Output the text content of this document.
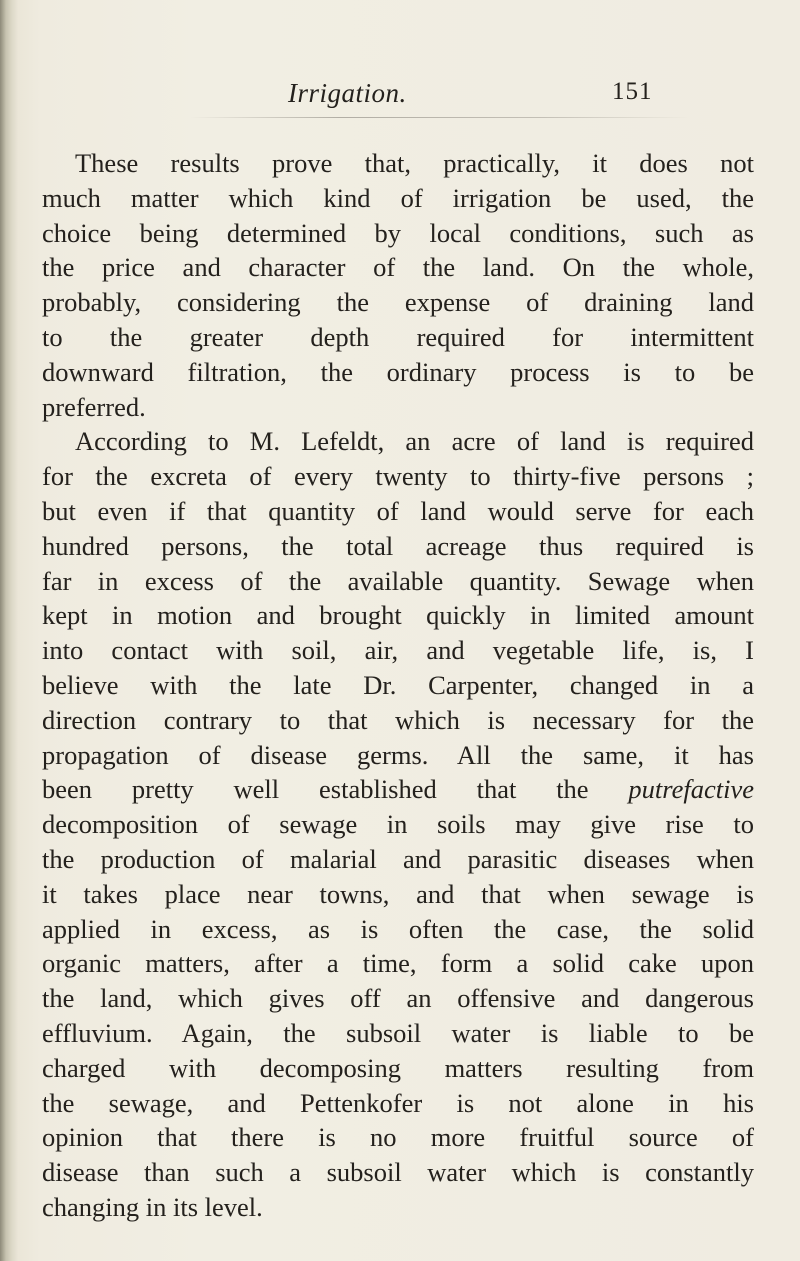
Irrigation.	151
These results prove that, practically, it does not
much matter which kind of irrigation be used, the
choice being determined by local conditions, such as
the price and character of the land. On the whole,
probably, considering the expense of draining land
to the greater depth required for intermittent
downward filtration, the ordinary process is to be
preferred.
According to M. Lefeldt, an acre of land is required
for the excreta of every twenty to thirty-five persons ;
but even if that quantity of land would serve for each
hundred persons, the total acreage thus required is
far in excess of the available quantity. Sewage when
kept in motion and brought quickly in limited amount
into contact with soil, air, and vegetable life, is, I
believe with the late Dr. Carpenter, changed in a
direction contrary to that which is necessary for the
propagation of disease germs. All the same, it has
been pretty well established that the putrefactive
decomposition of sewage in soils may give rise to
the production of malarial and parasitic diseases when
it takes place near towns, and that when sewage is
applied in excess, as is often the case, the solid
organic matters, after a time, form a solid cake upon
the land, which gives off an offensive and dangerous
effluvium. Again, the subsoil water is liable to be
charged with decomposing matters resulting from
the sewage, and Pettenkofer is not alone in his
opinion that there is no more fruitful source of
disease than such a subsoil water which is constantly
changing in its level.
